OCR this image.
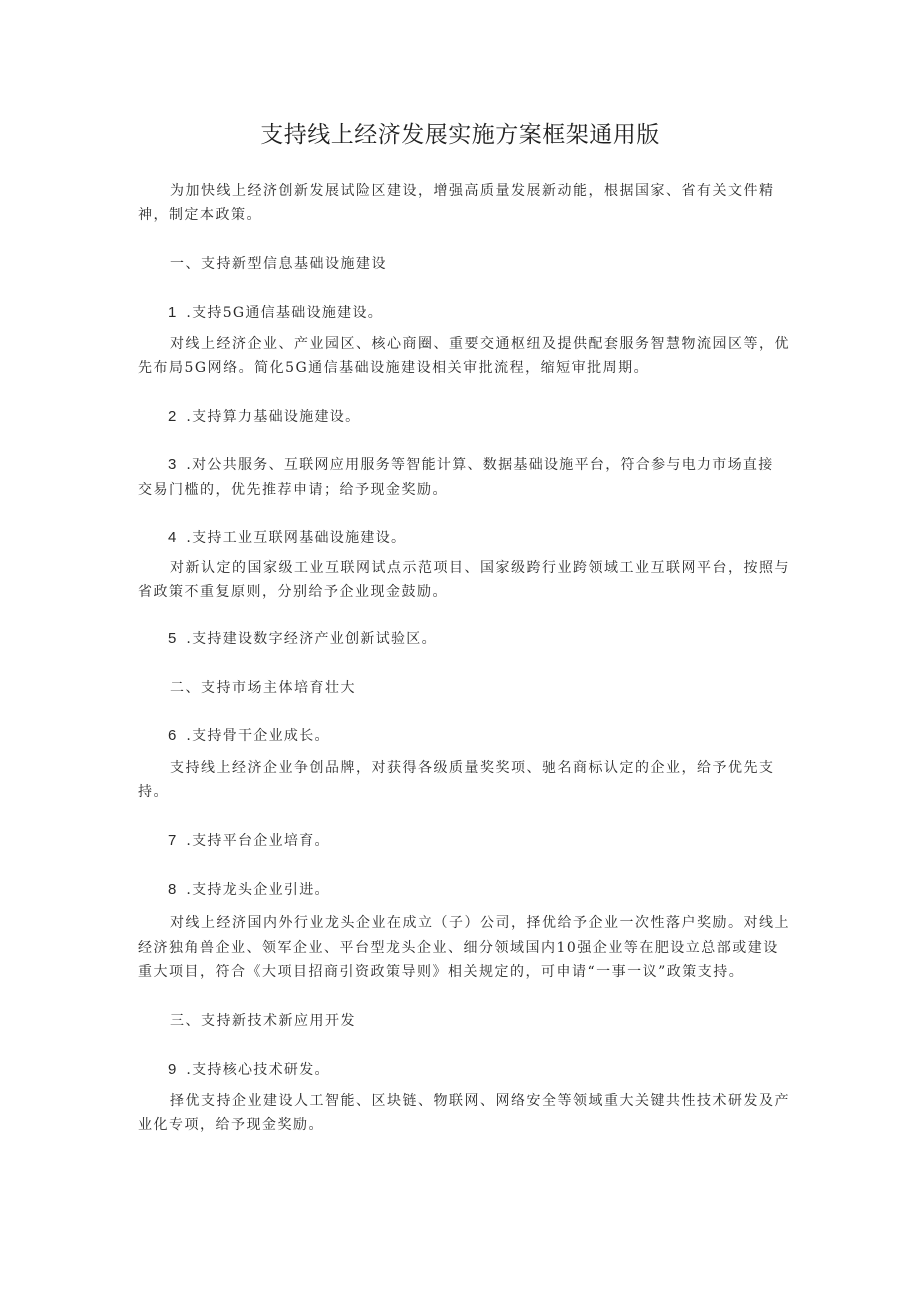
支持线上经济发展实施方案框架通用版

为加快线上经济创新发展试险区建设，增强高质量发展新动能，根据国家、省有关文件精

神，制定本政策。

一、支持新型信息基础设施建设

1 .支持5G通信基础设施建设。

对线上经济企业、产业园区、核心商圈、重要交通枢纽及提供配套服务智慧物流园区等，优

先布局5G网络。简化5G通信基础设施建设相关审批流程，缩短审批周期。

2 .支持算力基础设施建设。

3 .对公共服务、互联网应用服务等智能计算、数据基础设施平台，符合参与电力市场直接

交易门槛的，优先推荐申请；给予现金奖励。

4 .支持工业互联网基础设施建设。

对新认定的国家级工业互联网试点示范项目、国家级跨行业跨领域工业互联网平台，按照与

省政策不重复原则，分别给予企业现金鼓励。

5 .支持建设数字经济产业创新试验区。

二、支持市场主体培育壮大

6 .支持骨干企业成长。

支持线上经济企业争创品牌，对获得各级质量奖奖项、驰名商标认定的企业，给予优先支

持。

7 .支持平台企业培育。

8 .支持龙头企业引进。

对线上经济国内外行业龙头企业在成立（子）公司，择优给予企业一次性落户奖励。对线上

经济独角兽企业、领军企业、平台型龙头企业、细分领域国内10强企业等在肥设立总部或建设

重大项目，符合《大项目招商引资政策导则》相关规定的，可申请“一事一议”政策支持。

三、支持新技术新应用开发

9 .支持核心技术研发。

择优支持企业建设人工智能、区块链、物联网、网络安全等领域重大关键共性技术研发及产

业化专项，给予现金奖励。
